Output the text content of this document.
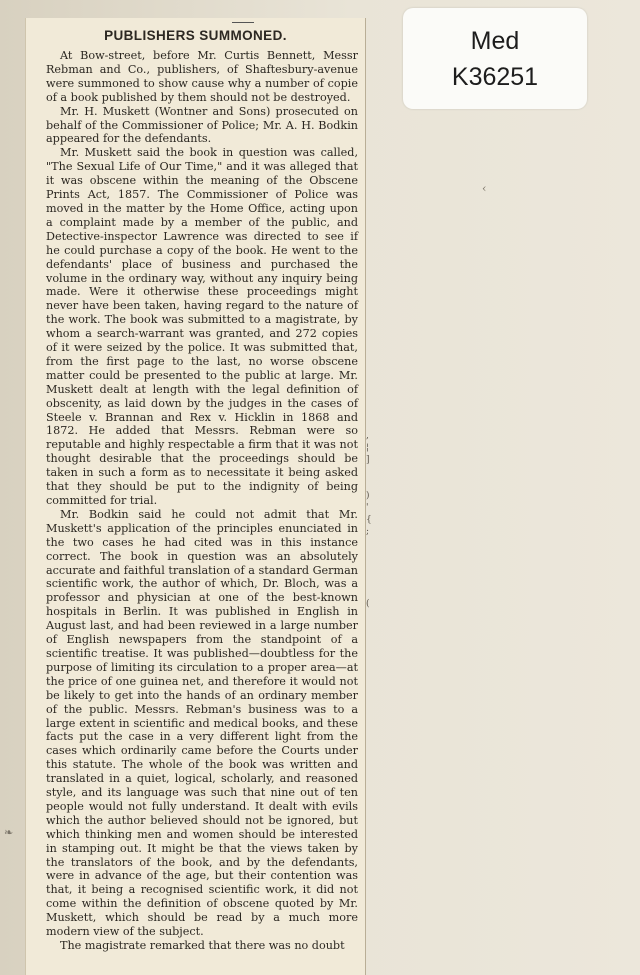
Med
K36251
PUBLISHERS SUMMONED.

At Bow-street, before Mr. Curtis Bennett, Messr Rebman and Co., publishers, of Shaftesbury-avenue were summoned to show cause why a number of copie of a book published by them should not be destroyed.

Mr. H. Muskett (Wontner and Sons) prosecuted on behalf of the Commissioner of Police; Mr. A. H. Bodkin appeared for the defendants.

Mr. Muskett said the book in question was called, "The Sexual Life of Our Time," and it was alleged that it was obscene within the meaning of the Obscene Prints Act, 1857. The Commissioner of Police was moved in the matter by the Home Office, acting upon a complaint made by a member of the public, and Detective-inspector Lawrence was directed to see if he could purchase a copy of the book. He went to the defendants' place of business and purchased the volume in the ordinary way, without any inquiry being made. Were it otherwise these proceedings might never have been taken, having regard to the nature of the work. The book was submitted to a magistrate, by whom a search-warrant was granted, and 272 copies of it were seized by the police. It was submitted that, from the first page to the last, no worse obscene matter could be presented to the public at large. Mr. Muskett dealt at length with the legal definition of obscenity, as laid down by the judges in the cases of Steele v. Brannan and Rex v. Hicklin in 1868 and 1872. He added that Messrs. Rebman were so reputable and highly respectable a firm that it was not thought desirable that the proceedings should be taken in such a form as to necessitate it being asked that they should be put to the indignity of being committed for trial.

Mr. Bodkin said he could not admit that Mr. Muskett's application of the principles enunciated in the two cases he had cited was in this instance correct. The book in question was an absolutely accurate and faithful translation of a standard German scientific work, the author of which, Dr. Bloch, was a professor and physician at one of the best-known hospitals in Berlin. It was published in English in August last, and had been reviewed in a large number of English newspapers from the standpoint of a scientific treatise. It was published—doubtless for the purpose of limiting its circulation to a proper area—at the price of one guinea net, and therefore it would not be likely to get into the hands of an ordinary member of the public. Messrs. Rebman's business was to a large extent in scientific and medical books, and these facts put the case in a very different light from the cases which ordinarily came before the Courts under this statute. The whole of the book was written and translated in a quiet, logical, scholarly, and reasoned style, and its language was such that nine out of ten people would not fully understand. It dealt with evils which the author believed should not be ignored, but which thinking men and women should be interested in stamping out. It might be that the views taken by the translators of the book, and by the defendants, were in advance of the age, but their contention was that, it being a recognised scientific work, it did not come within the definition of obscene quoted by Mr. Muskett, which should be read by a much more modern view of the subject.

The magistrate remarked that there was no doubt

,
¦
]

)
'
{
;

(
‹
❧
